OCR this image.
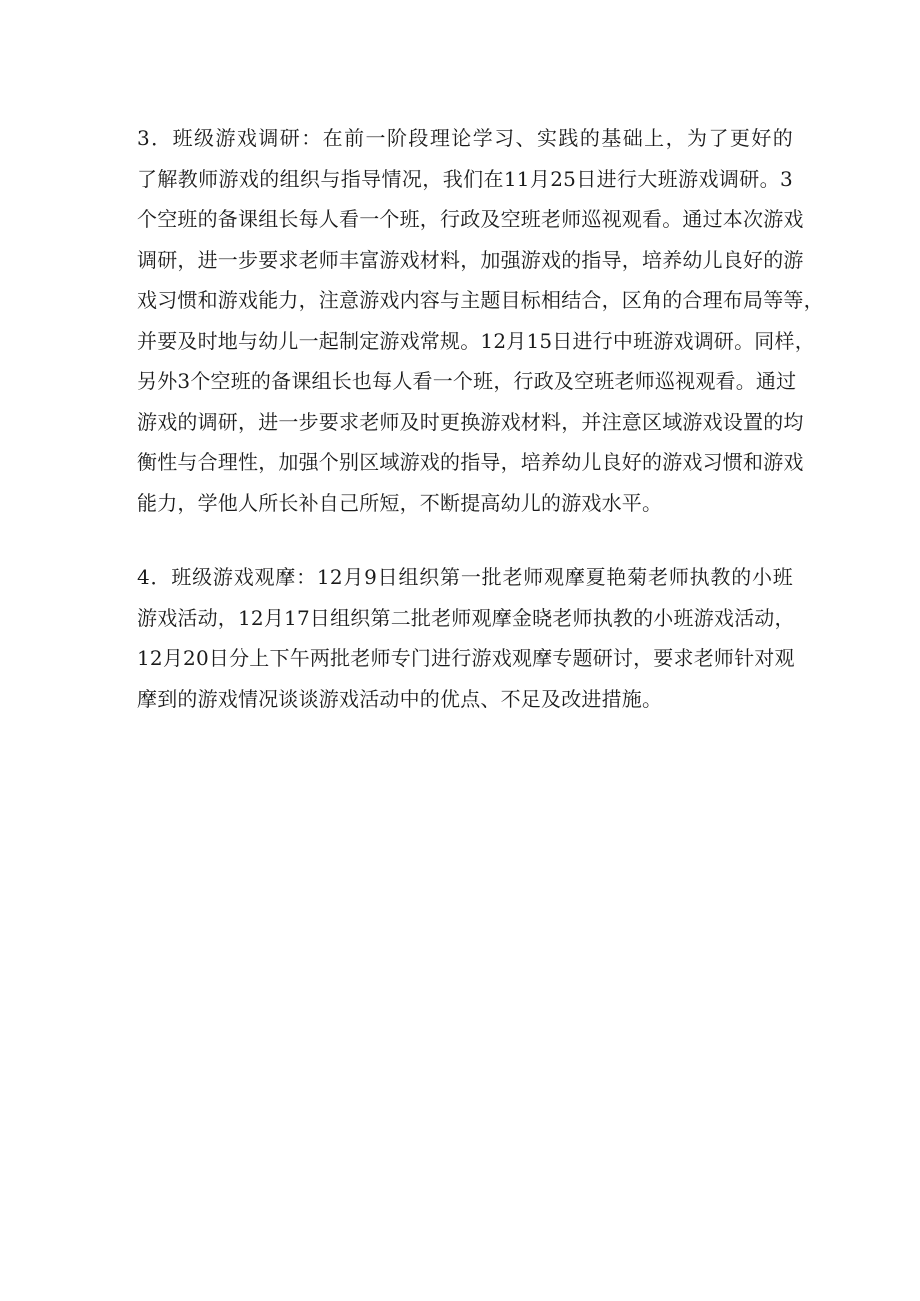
3．班级游戏调研：在前一阶段理论学习、实践的基础上，为了更好的
了解教师游戏的组织与指导情况，我们在11月25日进行大班游戏调研。3
个空班的备课组长每人看一个班，行政及空班老师巡视观看。通过本次游戏
调研，进一步要求老师丰富游戏材料，加强游戏的指导，培养幼儿良好的游
戏习惯和游戏能力，注意游戏内容与主题目标相结合，区角的合理布局等等，
并要及时地与幼儿一起制定游戏常规。12月15日进行中班游戏调研。同样，
另外3个空班的备课组长也每人看一个班，行政及空班老师巡视观看。通过
游戏的调研，进一步要求老师及时更换游戏材料，并注意区域游戏设置的均
衡性与合理性，加强个别区域游戏的指导，培养幼儿良好的游戏习惯和游戏
能力，学他人所长补自己所短，不断提高幼儿的游戏水平。
4．班级游戏观摩：12月9日组织第一批老师观摩夏艳菊老师执教的小班
游戏活动，12月17日组织第二批老师观摩金晓老师执教的小班游戏活动，
12月20日分上下午两批老师专门进行游戏观摩专题研讨，要求老师针对观
摩到的游戏情况谈谈游戏活动中的优点、不足及改进措施。
